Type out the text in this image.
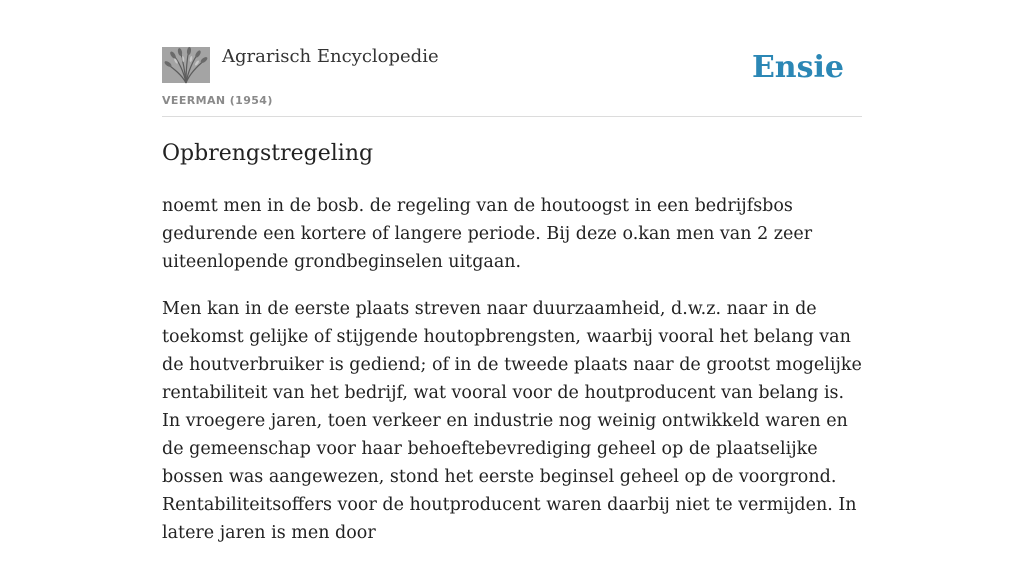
Agrarisch Encyclopedie
VEERMAN (1954)
Ensie
Opbrengstregeling

noemt men in de bosb. de regeling van de houtoogst in een bedrijfsbos gedurende een kortere of langere periode. Bij deze o.kan men van 2 zeer uiteenlopende grondbeginselen uitgaan.

Men kan in de eerste plaats streven naar duurzaamheid, d.w.z. naar in de toekomst gelijke of stijgende houtopbrengsten, waarbij vooral het belang van de houtverbruiker is gediend; of in de tweede plaats naar de grootst mogelijke rentabiliteit van het bedrijf, wat vooral voor de houtproducent van belang is. In vroegere jaren, toen verkeer en industrie nog weinig ontwikkeld waren en de gemeenschap voor haar behoeftebevrediging geheel op de plaatselijke bossen was aangewezen, stond het eerste beginsel geheel op de voorgrond. Rentabiliteitsoffers voor de houtproducent waren daarbij niet te vermijden. In latere jaren is men door
